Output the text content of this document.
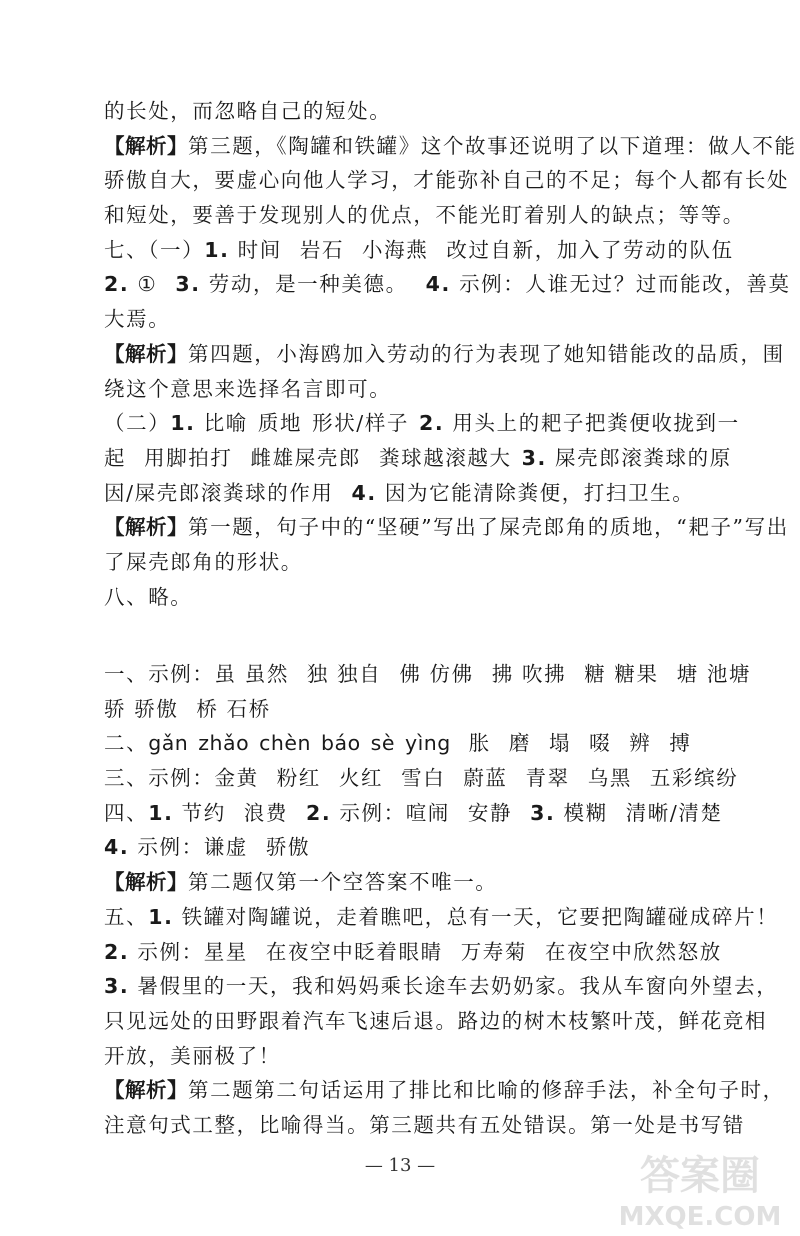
的长处，而忽略自己的短处。
【解析】第三题，《陶罐和铁罐》这个故事还说明了以下道理：做人不能
骄傲自大，要虚心向他人学习，才能弥补自己的不足；每个人都有长处
和短处，要善于发现别人的优点，不能光盯着别人的缺点；等等。
七、（一）1. 时间 岩石 小海燕 改过自新，加入了劳动的队伍
2. ① 3. 劳动，是一种美德。 4. 示例：人谁无过？过而能改，善莫
大焉。
【解析】第四题，小海鸥加入劳动的行为表现了她知错能改的品质，围
绕这个意思来选择名言即可。
（二）1. 比喻 质地 形状/样子 2. 用头上的耙子把粪便收拢到一
起 用脚拍打 雌雄屎壳郎 粪球越滚越大 3. 屎壳郎滚粪球的原
因/屎壳郎滚粪球的作用 4. 因为它能清除粪便，打扫卫生。
【解析】第一题，句子中的“坚硬”写出了屎壳郎角的质地，“耙子”写出
了屎壳郎角的形状。
八、略。
一、示例：虽 虽然 独 独自 佛 仿佛 拂 吹拂 糖 糖果 塘 池塘
骄 骄傲 桥 石桥
二、gǎn zhǎo chèn báo sè yìng 胀 磨 塌 啜 辨 搏
三、示例：金黄 粉红 火红 雪白 蔚蓝 青翠 乌黑 五彩缤纷
四、1. 节约 浪费 2. 示例：喧闹 安静 3. 模糊 清晰/清楚
4. 示例：谦虚 骄傲
【解析】第二题仅第一个空答案不唯一。
五、1. 铁罐对陶罐说，走着瞧吧，总有一天，它要把陶罐碰成碎片！
2. 示例：星星 在夜空中眨着眼睛 万寿菊 在夜空中欣然怒放
3. 暑假里的一天，我和妈妈乘长途车去奶奶家。我从车窗向外望去，
只见远处的田野跟着汽车飞速后退。路边的树木枝繁叶茂，鲜花竞相
开放，美丽极了！
【解析】第二题第二句话运用了排比和比喻的修辞手法，补全句子时，
注意句式工整，比喻得当。第三题共有五处错误。第一处是书写错
— 13 —	答案圈
MXQE.COM
